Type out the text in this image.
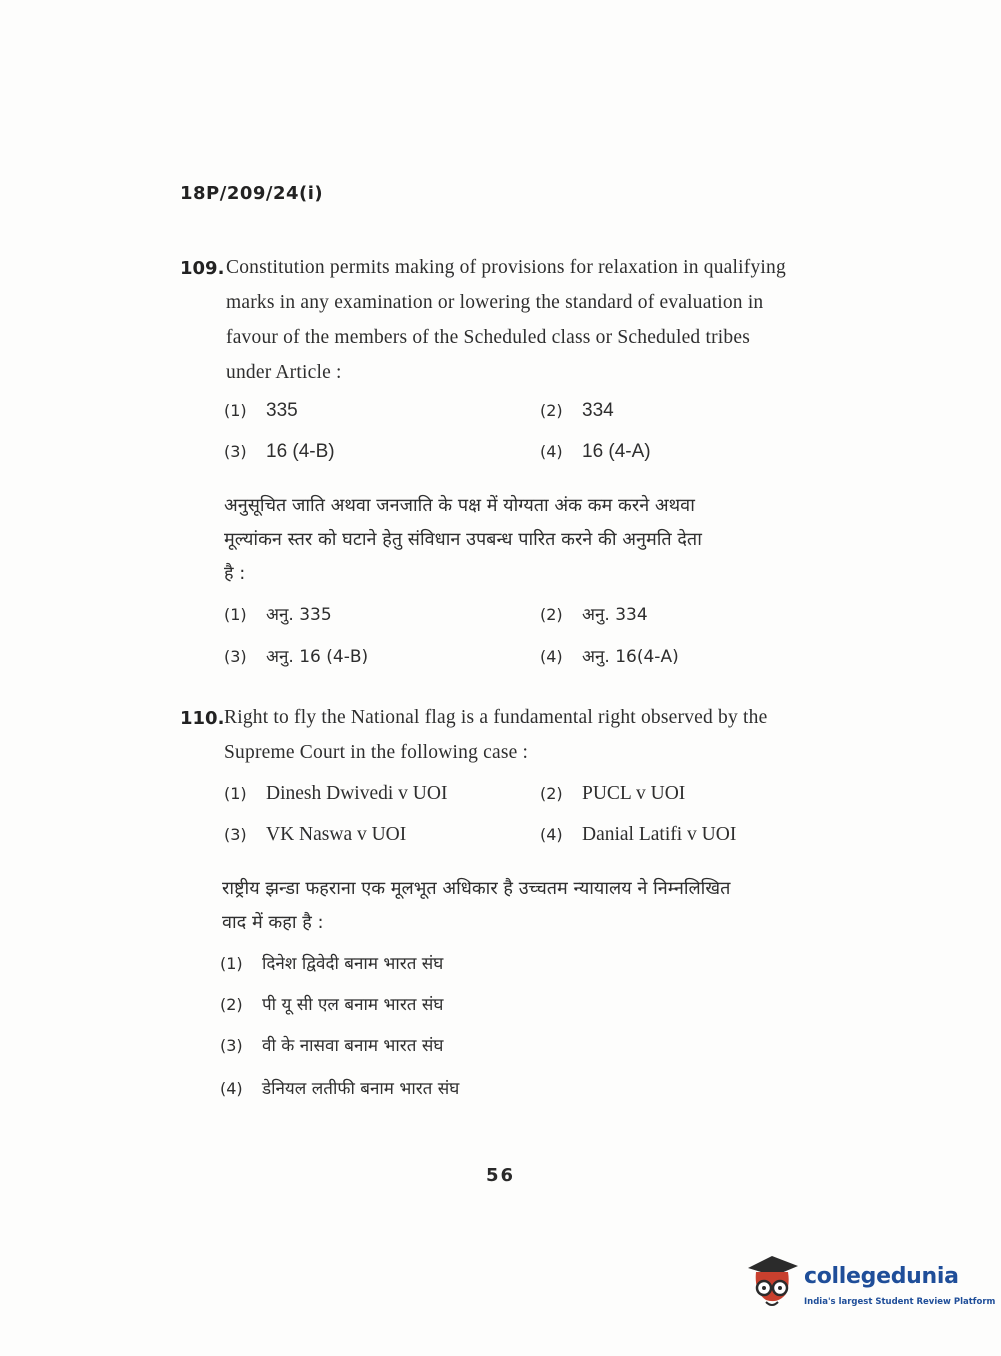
18P/209/24(i)
109. Constitution permits making of provisions for relaxation in qualifying
marks in any examination or lowering the standard of evaluation in
favour of the members of the Scheduled class or Scheduled tribes
under Article :
(1) 335	(2) 334
(3) 16 (4-B)	(4) 16 (4-A)
अनुसूचित जाति अथवा जनजाति के पक्ष में योग्यता अंक कम करने अथवा
मूल्यांकन स्तर को घटाने हेतु संविधान उपबन्ध पारित करने की अनुमति देता
है :
(1) अनु. 335	(2) अनु. 334
(3) अनु. 16 (4-B)	(4) अनु. 16(4-A)
110. Right to fly the National flag is a fundamental right observed by the
Supreme Court in the following case :
(1) Dinesh Dwivedi v UOI	(2) PUCL v UOI
(3) VK Naswa v UOI	(4) Danial Latifi v UOI
राष्ट्रीय झन्डा फहराना एक मूलभूत अधिकार है उच्चतम न्यायालय ने निम्नलिखित
वाद में कहा है :
(1) दिनेश द्विवेदी बनाम भारत संघ
(2) पी यू सी एल बनाम भारत संघ
(3) वी के नासवा बनाम भारत संघ
(4) डेनियल लतीफी बनाम भारत संघ
56
collegedunia
India's largest Student Review Platform
